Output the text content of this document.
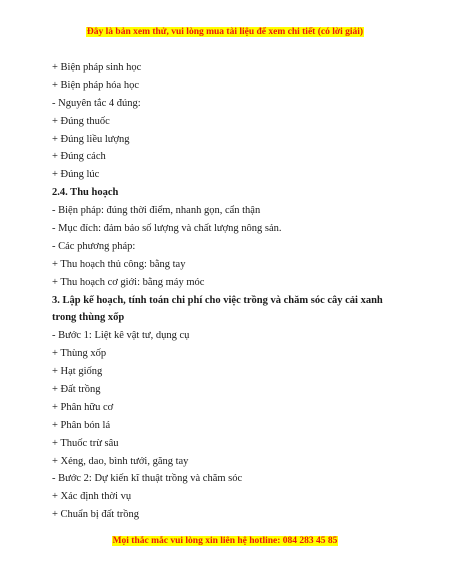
Đây là bản xem thử, vui lòng mua tài liệu để xem chi tiết (có lời giải)
+ Biện pháp sinh học
+ Biện pháp hóa học
- Nguyên tắc 4 đúng:
+ Đúng thuốc
+ Đúng liều lượng
+ Đúng cách
+ Đúng lúc
2.4. Thu hoạch
- Biện pháp: đúng thời điểm, nhanh gọn, cẩn thận
- Mục đích: đảm bảo số lượng và chất lượng nông sản.
- Các phương pháp:
+ Thu hoạch thủ công: bằng tay
+ Thu hoạch cơ giới: bằng máy móc
3. Lập kế hoạch, tính toán chi phí cho việc trồng và chăm sóc cây cải xanh
trong thùng xốp
- Bước 1: Liệt kê vật tư, dụng cụ
+ Thùng xốp
+ Hạt giống
+ Đất trồng
+ Phân hữu cơ
+ Phân bón lá
+ Thuốc trừ sâu
+ Xẻng, dao, bình tưới, găng tay
- Bước 2: Dự kiến kĩ thuật trồng và chăm sóc
+ Xác định thời vụ
+ Chuẩn bị đất trồng
Mọi thắc mắc vui lòng xin liên hệ hotline: 084 283 45 85
